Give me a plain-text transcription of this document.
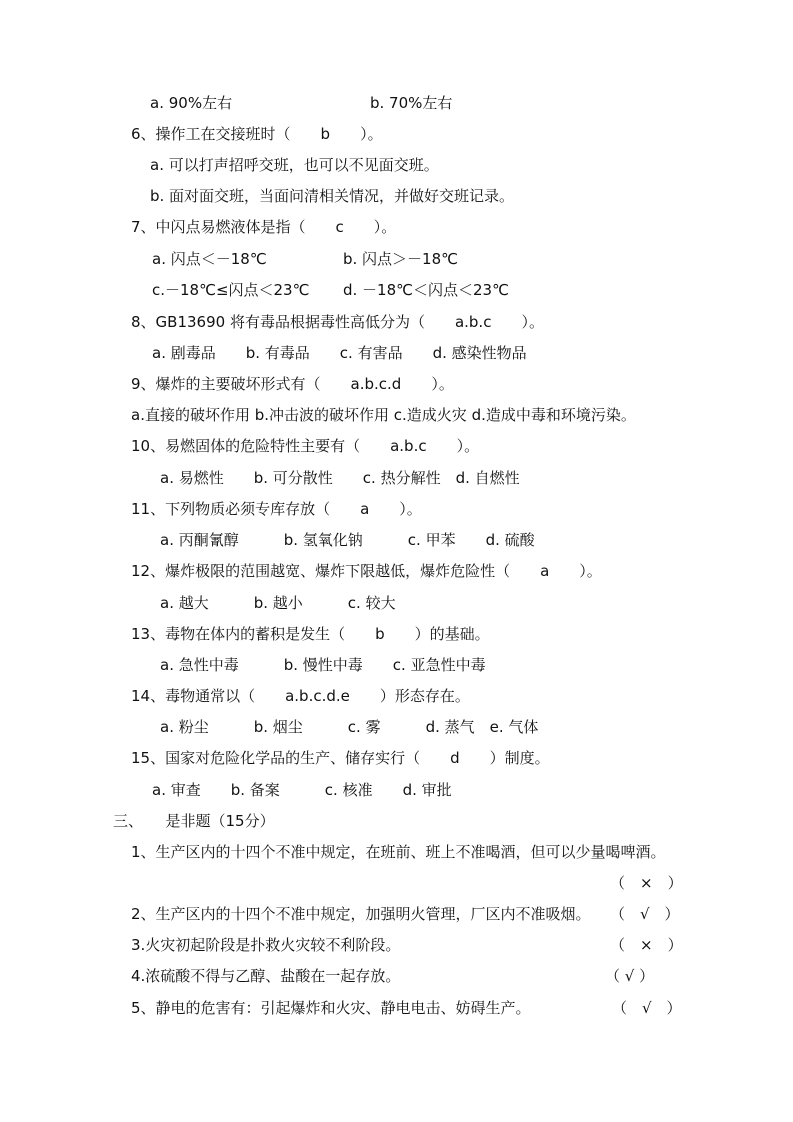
a. 90%左右	b. 70%左右

6、操作工在交接班时（　　b　　）。

a. 可以打声招呼交班，也可以不见面交班。

b. 面对面交班，当面问清相关情况，并做好交班记录。

7、中闪点易燃液体是指（　　c　　）。

a. 闪点＜－18℃	b. 闪点＞－18℃

c.－18℃≤闪点＜23℃ d. －18℃＜闪点＜23℃

8、GB13690 将有毒品根据毒性高低分为（　　a.b.c　　）。

a. 剧毒品　　b. 有毒品　　c. 有害品　　d. 感染性物品

9、爆炸的主要破坏形式有（　　a.b.c.d　　）。

a.直接的破坏作用 b.冲击波的破坏作用 c.造成火灾 d.造成中毒和环境污染。

10、易燃固体的危险特性主要有（　　a.b.c　　）。

a. 易燃性　　b. 可分散性　　c. 热分解性　d. 自燃性

11、下列物质必须专库存放（　　a　　）。

a. 丙酮氰醇　　　b. 氢氧化钠　　　c. 甲苯　　d. 硫酸

12、爆炸极限的范围越宽、爆炸下限越低，爆炸危险性（　　a　　）。

a. 越大　　　b. 越小　　　c. 较大

13、毒物在体内的蓄积是发生（　　b　　）的基础。

a. 急性中毒　　　b. 慢性中毒　　c. 亚急性中毒

14、毒物通常以（　　a.b.c.d.e　　）形态存在。

a. 粉尘　　　b. 烟尘　　　c. 雾　　　d. 蒸气　e. 气体

15、国家对危险化学品的生产、储存实行（　　d　　）制度。

a. 审查　　b. 备案　　　c. 核准　　d. 审批

三、　　是非题（15分）

1、生产区内的十四个不准中规定，在班前、班上不准喝酒，但可以少量喝啤酒。

（　×　）

2、生产区内的十四个不准中规定，加强明火管理，厂区内不准吸烟。 （　√　）

3.火灾初起阶段是扑救火灾较不利阶段。	（　×　）

4.浓硫酸不得与乙醇、盐酸在一起存放。	（ √ ）

5、静电的危害有：引起爆炸和火灾、静电电击、妨碍生产。	（　√　）
